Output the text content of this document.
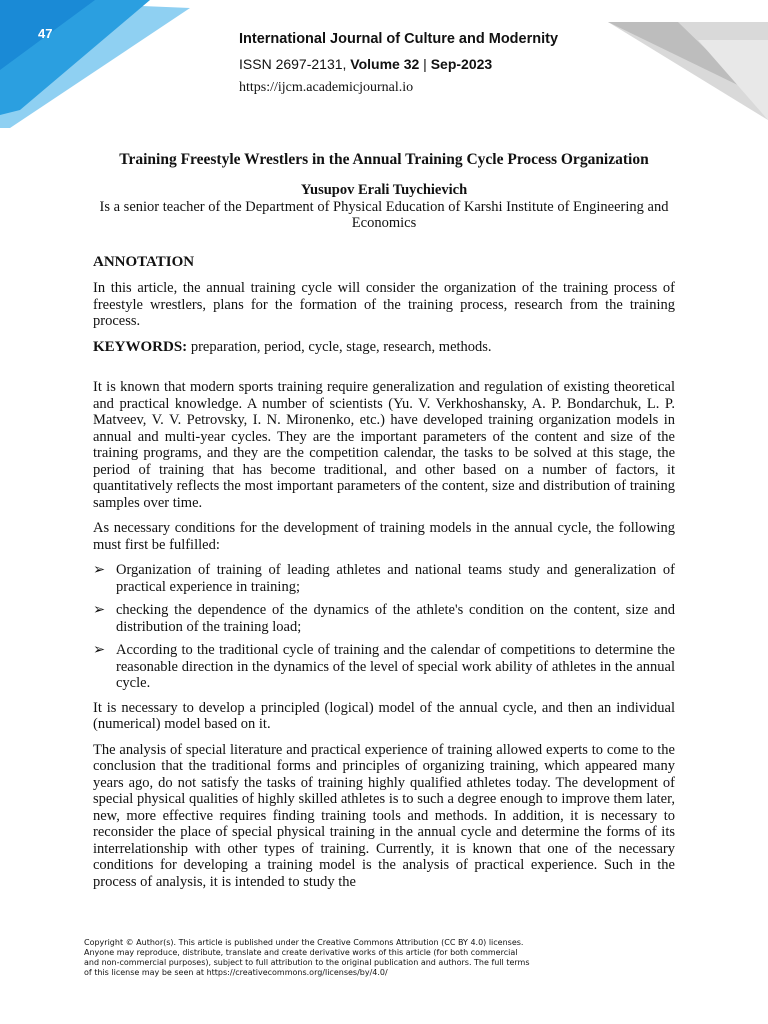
47	International Journal of Culture and Modernity
ISSN 2697-2131, Volume 32 | Sep-2023
https://ijcm.academicjournal.io
Training Freestyle Wrestlers in the Annual Training Cycle Process Organization

Yusupov Erali Tuychievich

Is a senior teacher of the Department of Physical Education of Karshi Institute of Engineering and Economics

ANNOTATION

In this article, the annual training cycle will consider the organization of the training process of freestyle wrestlers, plans for the formation of the training process, research from the training process.

KEYWORDS: preparation, period, cycle, stage, research, methods.

It is known that modern sports training require generalization and regulation of existing theoretical and practical knowledge. A number of scientists (Yu. V. Verkhoshansky, A. P. Bondarchuk, L. P. Matveev, V. V. Petrovsky, I. N. Mironenko, etc.) have developed training organization models in annual and multi-year cycles. They are the important parameters of the content and size of the training programs, and they are the competition calendar, the tasks to be solved at this stage, the period of training that has become traditional, and other based on a number of factors, it quantitatively reflects the most important parameters of the content, size and distribution of training samples over time.

As necessary conditions for the development of training models in the annual cycle, the following must first be fulfilled:

➢ Organization of training of leading athletes and national teams study and generalization of practical experience in training;
➢ checking the dependence of the dynamics of the athlete's condition on the content, size and distribution of the training load;
➢ According to the traditional cycle of training and the calendar of competitions to determine the reasonable direction in the dynamics of the level of special work ability of athletes in the annual cycle.

It is necessary to develop a principled (logical) model of the annual cycle, and then an individual (numerical) model based on it.

The analysis of special literature and practical experience of training allowed experts to come to the conclusion that the traditional forms and principles of organizing training, which appeared many years ago, do not satisfy the tasks of training highly qualified athletes today. The development of special physical qualities of highly skilled athletes is to such a degree enough to improve them later, new, more effective requires finding training tools and methods. In addition, it is necessary to reconsider the place of special physical training in the annual cycle and determine the forms of its interrelationship with other types of training. Currently, it is known that one of the necessary conditions for developing a training model is the analysis of practical experience. Such in the process of analysis, it is intended to study the

Copyright © Author(s). This article is published under the Creative Commons Attribution (CC BY 4.0) licenses.
Anyone may reproduce, distribute, translate and create derivative works of this article (for both commercial
and non-commercial purposes), subject to full attribution to the original publication and authors. The full terms
of this license may be seen at https://creativecommons.org/licenses/by/4.0/
